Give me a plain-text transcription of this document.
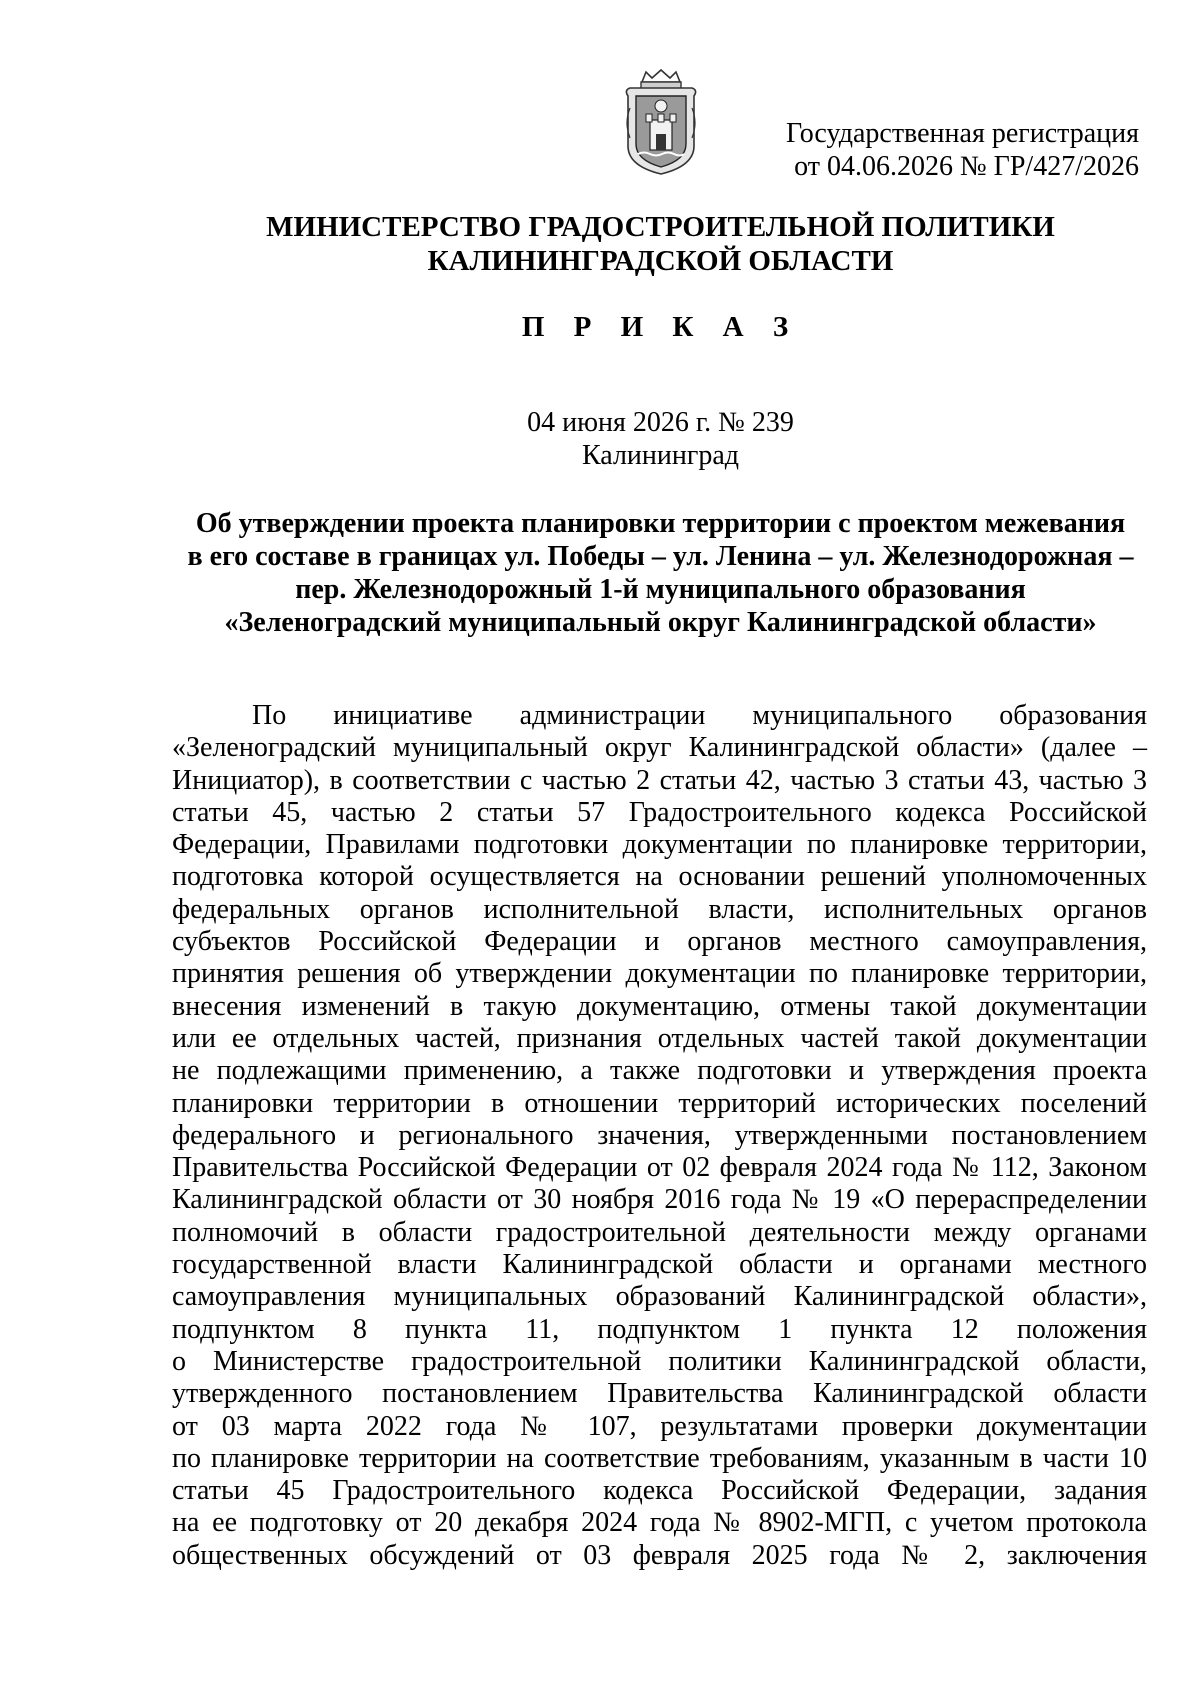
Государственная регистрация
от 04.06.2026 № ГР/427/2026
МИНИСТЕРСТВО ГРАДОСТРОИТЕЛЬНОЙ ПОЛИТИКИ
КАЛИНИНГРАДСКОЙ ОБЛАСТИ
П Р И К А З
04 июня 2026 г. № 239
Калининград
Об утверждении проекта планировки территории с проектом межевания
в его составе в границах ул. Победы – ул. Ленина – ул. Железнодорожная –
пер. Железнодорожный 1-й муниципального образования
«Зеленоградский муниципальный округ Калининградской области»
По инициативе администрации муниципального образования
«Зеленоградский муниципальный округ Калининградской области» (далее –
Инициатор), в соответствии с частью 2 статьи 42, частью 3 статьи 43, частью 3
статьи 45, частью 2 статьи 57 Градостроительного кодекса Российской
Федерации, Правилами подготовки документации по планировке территории,
подготовка которой осуществляется на основании решений уполномоченных
федеральных органов исполнительной власти, исполнительных органов
субъектов Российской Федерации и органов местного самоуправления,
принятия решения об утверждении документации по планировке территории,
внесения изменений в такую документацию, отмены такой документации
или ее отдельных частей, признания отдельных частей такой документации
не подлежащими применению, а также подготовки и утверждения проекта
планировки территории в отношении территорий исторических поселений
федерального и регионального значения, утвержденными постановлением
Правительства Российской Федерации от 02 февраля 2024 года № 112, Законом
Калининградской области от 30 ноября 2016 года № 19 «О перераспределении
полномочий в области градостроительной деятельности между органами
государственной власти Калининградской области и органами местного
самоуправления муниципальных образований Калининградской области»,
подпунктом 8 пункта 11, подпунктом 1 пункта 12 положения
о Министерстве градостроительной политики Калининградской области,
утвержденного постановлением Правительства Калининградской области
от 03 марта 2022 года № 107, результатами проверки документации
по планировке территории на соответствие требованиям, указанным в части 10
статьи 45 Градостроительного кодекса Российской Федерации, задания
на ее подготовку от 20 декабря 2024 года № 8902-МГП, с учетом протокола
общественных обсуждений от 03 февраля 2025 года № 2, заключения
